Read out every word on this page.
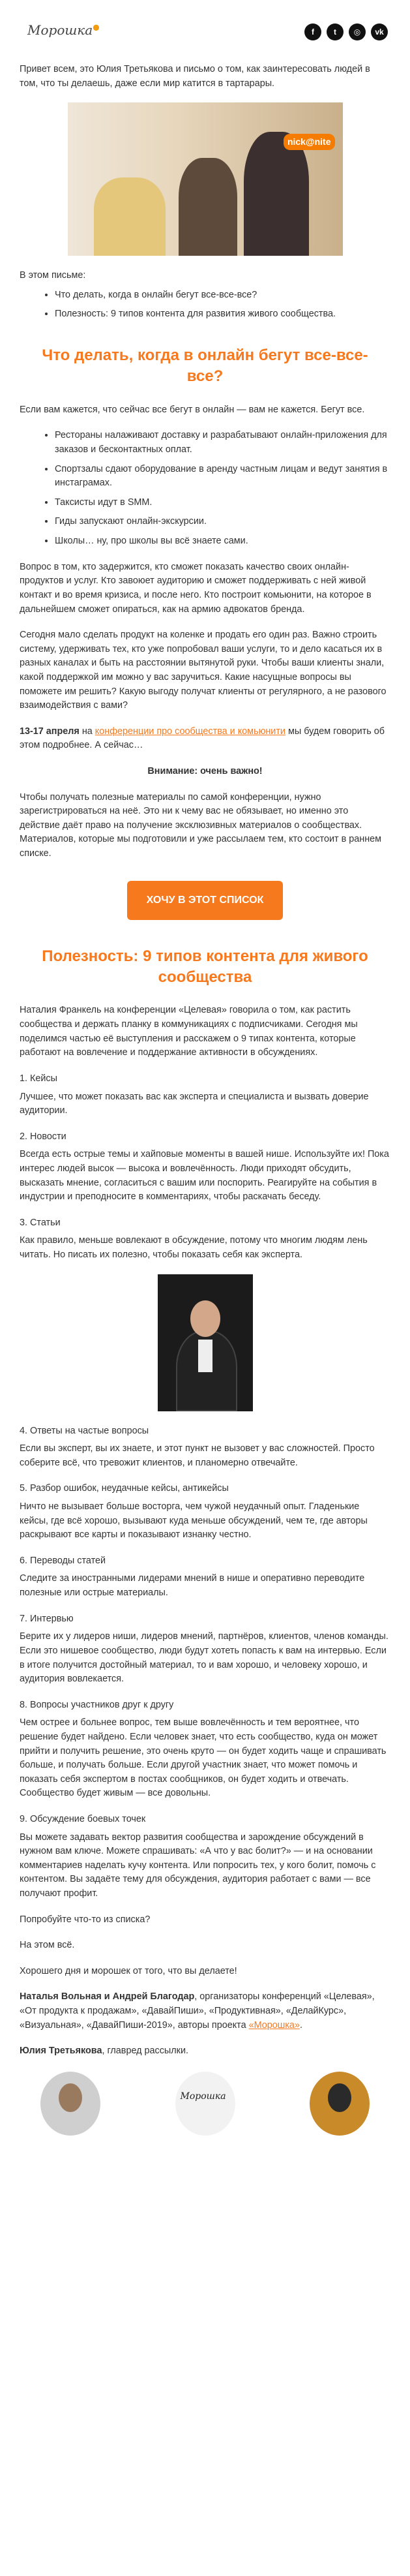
Морошка●
f	t	◎	vk

Привет всем, это Юлия Третьякова и письмо о том, как заинтересовать людей в том, что ты делаешь, даже если мир катится в тартарары.

nick@nite

В этом письме:

• Что делать, когда в онлайн бегут все-все-все?
• Полезность: 9 типов контента для развития живого сообщества.
Что делать, когда в онлайн бегут все-все-все?

Если вам кажется, что сейчас все бегут в онлайн — вам не кажется. Бегут все.

• Рестораны налаживают доставку и разрабатывают онлайн-приложения для заказов и бесконтактных оплат.
• Спортзалы сдают оборудование в аренду частным лицам и ведут занятия в инстаграмах.
• Таксисты идут в SMM.
• Гиды запускают онлайн-экскурсии.
• Школы… ну, про школы вы всё знаете сами.

Вопрос в том, кто задержится, кто сможет показать качество своих онлайн-продуктов и услуг. Кто завоюет аудиторию и сможет поддерживать с ней живой контакт и во время кризиса, и после него. Кто построит комьюнити, на которое в дальнейшем сможет опираться, как на армию адвокатов бренда.

Сегодня мало сделать продукт на коленке и продать его один раз. Важно строить систему, удерживать тех, кто уже попробовал ваши услуги, то и дело касаться их в разных каналах и быть на расстоянии вытянутой руки. Чтобы ваши клиенты знали, какой поддержкой им можно у вас заручиться. Какие насущные вопросы вы поможете им решить? Какую выгоду получат клиенты от регулярного, а не разового взаимодействия с вами?

13-17 апреля на конференции про сообщества и комьюнити мы будем говорить об этом подробнее. А сейчас…

Внимание: очень важно!

Чтобы получать полезные материалы по самой конференции, нужно зарегистрироваться на неё. Это ни к чему вас не обязывает, но именно это действие даёт право на получение эксклюзивных материалов о сообществах. Материалов, которые мы подготовили и уже рассылаем тем, кто состоит в раннем списке.

ХОЧУ В ЭТОТ СПИСОК
Полезность: 9 типов контента для живого сообщества

Наталия Франкель на конференции «Целевая» говорила о том, как растить сообщества и держать планку в коммуникациях с подписчиками. Сегодня мы поделимся частью её выступления и расскажем о 9 типах контента, которые работают на вовлечение и поддержание активности в обсуждениях.

1. Кейсы

Лучшее, что может показать вас как эксперта и специалиста и вызвать доверие аудитории.

2. Новости

Всегда есть острые темы и хайповые моменты в вашей нише. Используйте их! Пока интерес людей высок — высока и вовлечённость. Люди приходят обсудить, высказать мнение, согласиться с вашим или поспорить. Реагируйте на события в индустрии и преподносите в комментариях, чтобы раскачать беседу.

3. Статьи

Как правило, меньше вовлекают в обсуждение, потому что многим людям лень читать. Но писать их полезно, чтобы показать себя как эксперта.

4. Ответы на частые вопросы

Если вы эксперт, вы их знаете, и этот пункт не вызовет у вас сложностей. Просто соберите всё, что тревожит клиентов, и планомерно отвечайте.

5. Разбор ошибок, неудачные кейсы, антикейсы

Ничто не вызывает больше восторга, чем чужой неудачный опыт. Гладенькие кейсы, где всё хорошо, вызывают куда меньше обсуждений, чем те, где авторы раскрывают все карты и показывают изнанку честно.

6. Переводы статей

Следите за иностранными лидерами мнений в нише и оперативно переводите полезные или острые материалы.

7. Интервью

Берите их у лидеров ниши, лидеров мнений, партнёров, клиентов, членов команды. Если это нишевое сообщество, люди будут хотеть попасть к вам на интервью. Если в итоге получится достойный материал, то и вам хорошо, и человеку хорошо, и аудитория вовлекается.

8. Вопросы участников друг к другу

Чем острее и больнее вопрос, тем выше вовлечённость и тем вероятнее, что решение будет найдено. Если человек знает, что есть сообщество, куда он может прийти и получить решение, это очень круто — он будет ходить чаще и спрашивать больше, и получать больше. Если другой участник знает, что может помочь и показать себя экспертом в постах сообщников, он будет ходить и отвечать. Сообщество будет живым — все довольны.

9. Обсуждение боевых точек

Вы можете задавать вектор развития сообщества и зарождение обсуждений в нужном вам ключе. Можете спрашивать: «А что у вас болит?» — и на основании комментариев наделать кучу контента. Или попросить тех, у кого болит, помочь с контентом. Вы задаёте тему для обсуждения, аудитория работает с вами — все получают профит.

Попробуйте что-то из списка?

На этом всё.

Хорошего дня и морошек от того, что вы делаете!

Наталья Вольная и Андрей Благодар, организаторы конференций «Целевая», «От продукта к продажам», «ДавайПиши», «Продуктивная», «ДелайКурс», «Визуальная», «ДавайПиши-2019», авторы проекта «Морошка».

Юлия Третьякова, главред рассылки.

Морошка
